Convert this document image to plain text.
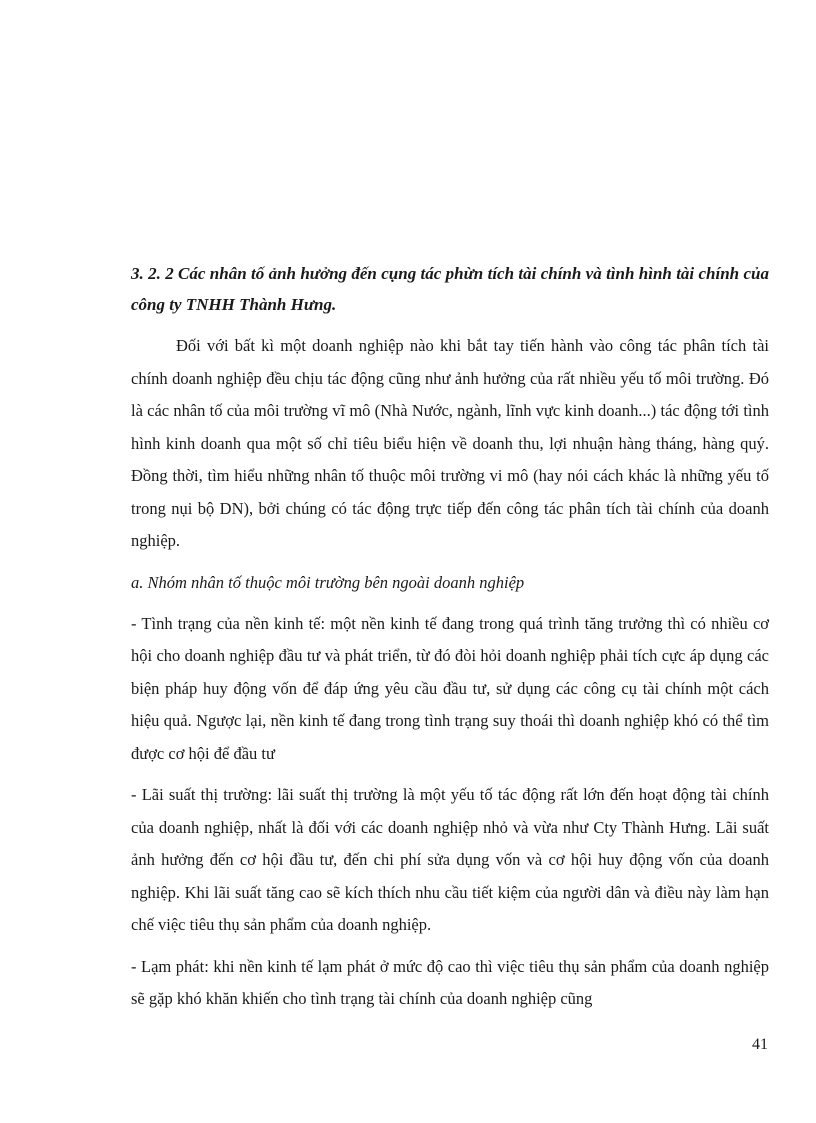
3. 2. 2 Các nhân tố ảnh hưởng đến cụng tác phừn tích tài chính và tình hình tài chính của công ty TNHH Thành Hưng.

Đối với bất kì một doanh nghiệp nào khi bắt tay tiến hành vào công tác phân tích tài chính doanh nghiệp đều chịu tác động cũng như ảnh hưởng của rất nhiều yếu tố môi trường. Đó là các nhân tố của môi trường vĩ mô (Nhà Nước, ngành, lĩnh vực kinh doanh...) tác động tới tình hình kinh doanh qua một số chỉ tiêu biểu hiện về doanh thu, lợi nhuận hàng tháng, hàng quý. Đồng thời, tìm hiểu những nhân tố thuộc môi trường vi mô (hay nói cách khác là những yếu tố trong nụi bộ DN), bởi chúng có tác động trực tiếp đến công tác phân tích tài chính của doanh nghiệp.

a. Nhóm nhân tố thuộc môi trường bên ngoài doanh nghiệp

- Tình trạng của nền kinh tế: một nền kinh tế đang trong quá trình tăng trưởng thì có nhiều cơ hội cho doanh nghiệp đầu tư và phát triển, từ đó đòi hỏi doanh nghiệp phải tích cực áp dụng các biện pháp huy động vốn để đáp ứng yêu cầu đầu tư, sử dụng các công cụ tài chính một cách hiệu quả. Ngược lại, nền kinh tế đang trong tình trạng suy thoái thì doanh nghiệp khó có thể tìm được cơ hội để đầu tư

- Lãi suất thị trường: lãi suất thị trường là một yếu tố tác động rất lớn đến hoạt động tài chính của doanh nghiệp, nhất là đối với các doanh nghiệp nhỏ và vừa như Cty Thành Hưng. Lãi suất ảnh hưởng đến cơ hội đầu tư, đến chi phí sửa dụng vốn và cơ hội huy động vốn của doanh nghiệp. Khi lãi suất tăng cao sẽ kích thích nhu cầu tiết kiệm của người dân và điều này làm hạn chế việc tiêu thụ sản phẩm của doanh nghiệp.

- Lạm phát: khi nền kinh tế lạm phát ở mức độ cao thì việc tiêu thụ sản phẩm của doanh nghiệp sẽ gặp khó khăn khiến cho tình trạng tài chính của doanh nghiệp cũng

41
